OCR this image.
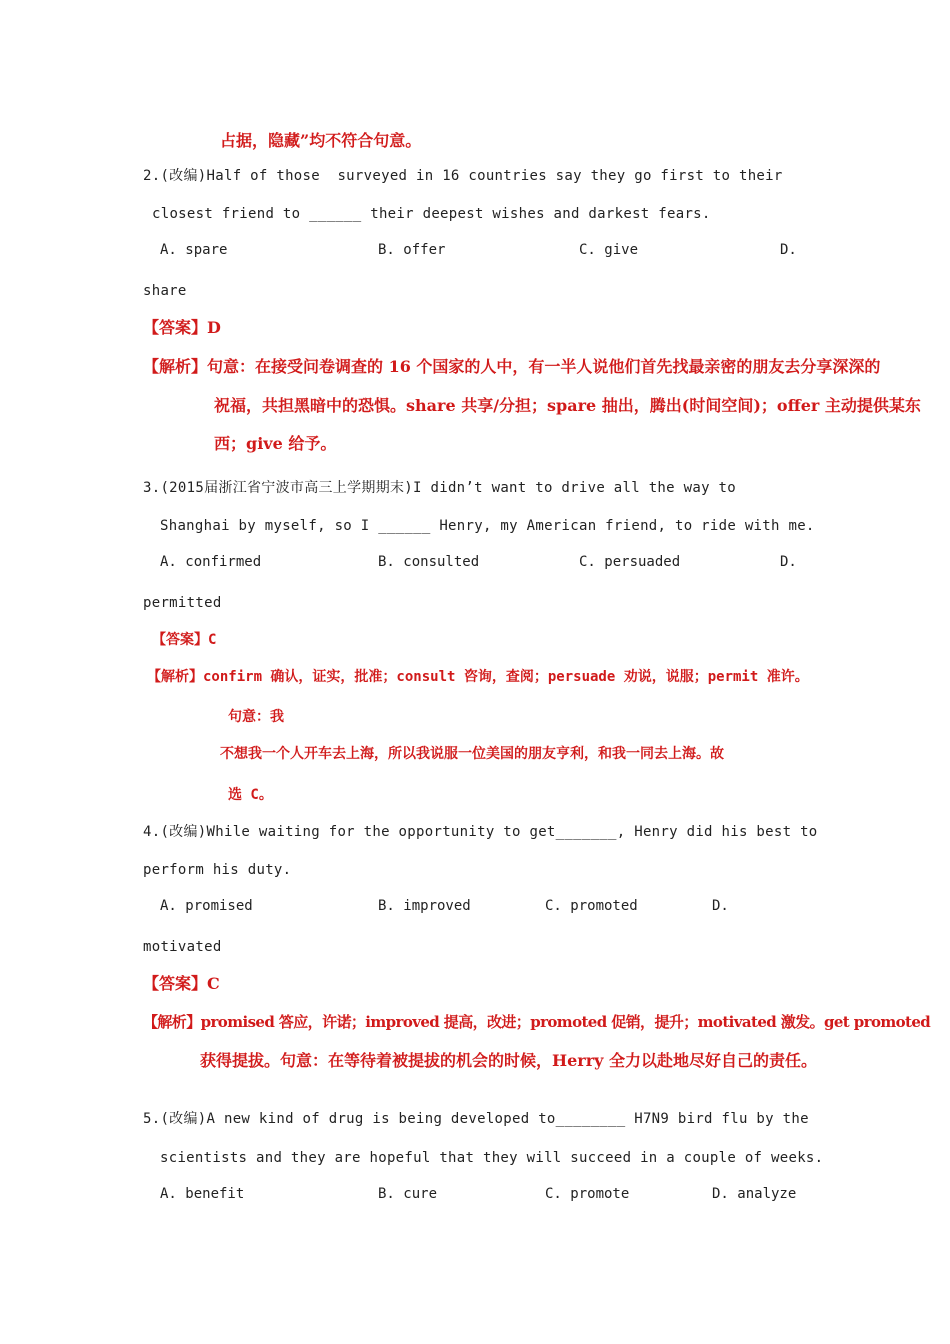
占据，隐藏”均不符合句意。
2.(改编)Half of those  surveyed in 16 countries say they go first to their
closest friend to ______ their deepest wishes and darkest fears.
A. spare	B. offer	C. give	D.
share
【答案】D
【解析】句意：在接受问卷调查的 16 个国家的人中，有一半人说他们首先找最亲密的朋友去分享深深的
祝福，共担黑暗中的恐惧。share 共享/分担；spare 抽出，腾出(时间空间)；offer 主动提供某东
西；give 给予。
3.(2015届浙江省宁波市高三上学期期末)I didn’t want to drive all the way to
Shanghai by myself, so I ______ Henry, my American friend, to ride with me.
A. confirmed	B. consulted	C. persuaded	D.
permitted
【答案】C
【解析】confirm 确认，证实，批准；consult 咨询，查阅；persuade 劝说，说服；permit 准许。
句意：我
不想我一个人开车去上海，所以我说服一位美国的朋友亨利，和我一同去上海。故
选 C。
4.(改编)While waiting for the opportunity to get_______, Henry did his best to
perform his duty.
A. promised	B. improved	C. promoted	D.
motivated
【答案】C
【解析】promised 答应，许诺；improved 提高，改进；promoted 促销，提升；motivated 激发。get promoted
获得提拔。句意：在等待着被提拔的机会的时候，Herry 全力以赴地尽好自己的责任。
5.(改编)A new kind of drug is being developed to________ H7N9 bird flu by the
scientists and they are hopeful that they will succeed in a couple of weeks.
A. benefit	B. cure	C. promote	D. analyze
